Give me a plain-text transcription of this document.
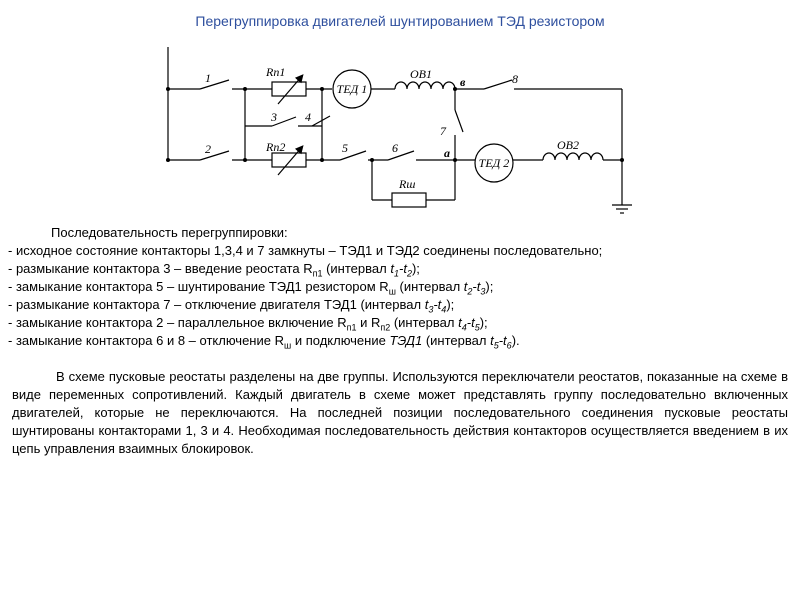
Перегруппировка двигателей шунтированием ТЭД резистором
1
2
3 4
5	6
7
8
в
а
Rп1
Rп2
Rш
ТЕД 1
ТЕД 2
ОВ1
ОВ2
Последовательность перегруппировки:
- исходное состояние контакторы 1,3,4 и 7 замкнуты – ТЭД1 и ТЭД2 соединены последовательно;
- размыкание контактора 3 – введение реостата $R_{п1}$ (интервал $t_1-t_2$);
- замыкание контактора 5 – шунтирование ТЭД1 резистором $R_ш$ (интервал $t_2-t_3$);
- размыкание контактора 7 – отключение двигателя ТЭД1 (интервал $t_3-t_4$);
- замыкание контактора 2 – параллельное включение $R_{п1}$ и $R_{п2}$ (интервал $t_4-t_5$);
- замыкание контактора 6 и 8 – отключение $R_ш$ и подключение ТЭД1 (интервал $t_5-t_6$).
В схеме пусковые реостаты разделены на две группы. Используются переключатели реостатов, показанные на схеме в виде переменных сопротивлений. Каждый двигатель в схеме может представлять группу последовательно включенных двигателей, которые не переключаются. На последней позиции последовательного соединения пусковые реостаты шунтированы контакторами 1, 3 и 4. Необходимая последовательность действия контакторов осуществляется введением в их цепь управления взаимных блокировок.
